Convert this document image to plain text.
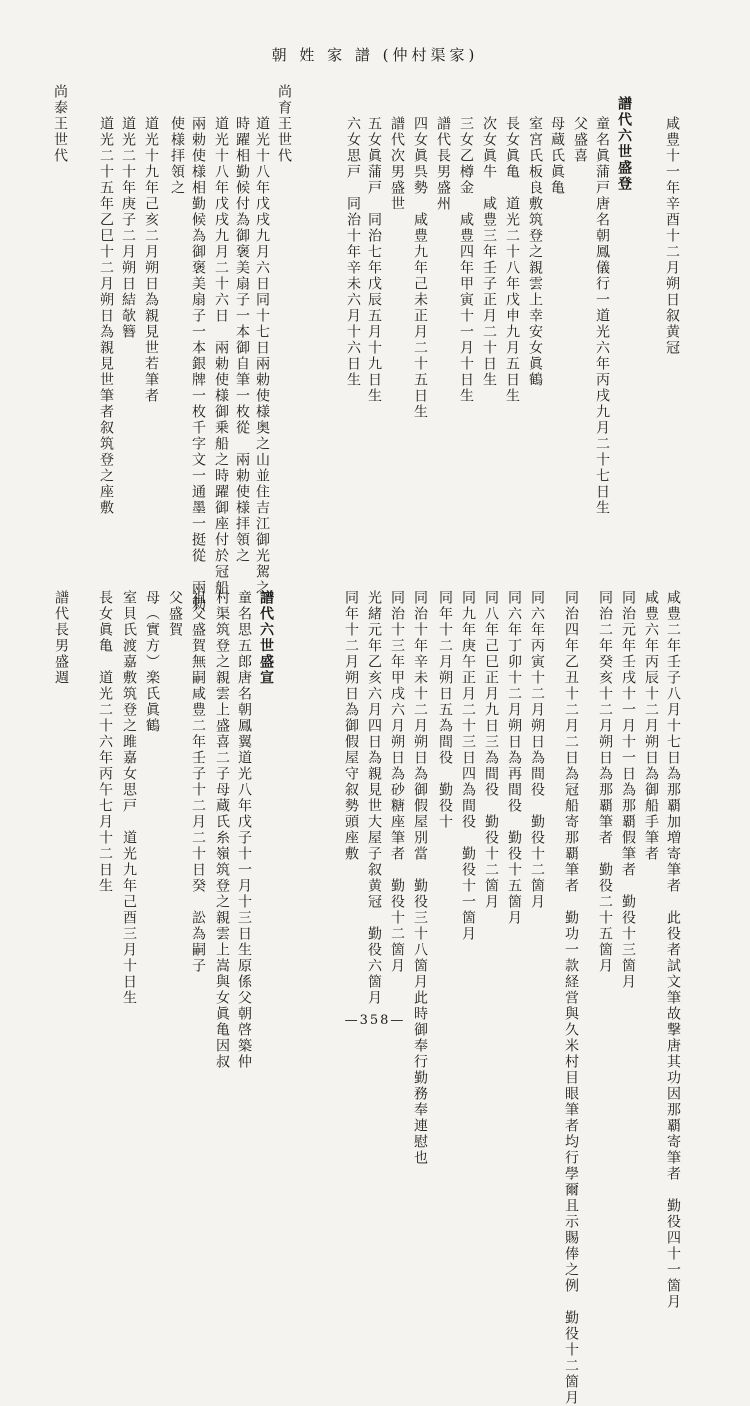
朝 姓 家 譜 (仲村渠家)
咸豊十一年辛酉十二月朔日叙黄冠
譜代六世盛登
童名眞蒲戸唐名朝鳳儀行一道光六年丙戌九月二十七日生
父盛喜
母蔵氏眞亀
室宮氏板良敷筑登之親雲上幸安女眞鶴
長女眞亀　道光二十八年戊申九月五日生
次女眞牛　咸豊三年壬子正月二十日生
三女乙樽金　咸豊四年甲寅十一月十日生
譜代長男盛州
四女眞呉勢　咸豊九年己未正月二十五日生
譜代次男盛世
五女眞蒲戸　同治七年戊辰五月十九日生
六女思戸　同治十年辛未六月十六日生
尚育王世代
道光十八年戊戌九月六日同十七日兩勅使様奥之山並住吉江御光駕之
時躍相勤候付為御褒美扇子一本御自筆一枚從　兩勅使様拝領之
道光十八年戊戌九月二十六日　兩勅使様御乗船之時躍御座付於冠船
兩勅使様相勤候為御褒美扇子一本銀牌一枚千字文一通墨一挺從　兩勅
使様拝領之
道光十九年己亥二月朔日為親見世若筆者
道光二十年庚子二月朔日結欹簪
道光二十五年乙巳十二月朔日為親見世筆者叙筑登之座敷
尚泰王世代
咸豊二年壬子八月十七日為那覇加増寄筆者　此役者試文筆故撃唐其功因那覇寄筆者　勤役四十一箇月
咸豊六年丙辰十二月朔日為御船手筆者
同治元年壬戌十一月十一日為那覇假筆者　勤役十三箇月
同治二年癸亥十二月朔日為那覇筆者　勤役二十五箇月
同治四年乙丑十二月二日為冠船寄那覇筆者　勤功一款経営與久米村目眼筆者均行學爾且示賜俸之例　勤役十二箇月
同六年丙寅十二月朔日為間役　勤役十二箇月
同六年丁卯十二月朔日為再間役　勤役十五箇月
同八年己巳正月九日三為間役　勤役十二箇月
同九年庚午正月二十三日四為間役　勤役十一箇月
同年十二月朔日五為間役　勤役十
同治十年辛未十二月朔日為御假屋別當　勤役三十八箇月此時御奉行勤務奉連慰也
同治十三年甲戌六月朔日為砂糖座筆者　勤役十二箇月
光緒元年乙亥六月四日為親見世大屋子叙黄冠　勤役六箇月
同年十二月朔日為御假屋守叙勢頭座敷
譜代六世盛宣
童名思五郎唐名朝鳳翼道光八年戊子十一月十三日生原係父朝啓築仲
村渠筑登之親雲上盛喜二子母蔵氏糸嶺筑登之親雲上嵩與女眞亀因叔
祖父盛賀無嗣咸豊二年壬子十二月二十日癸　訟為嗣子
父盛賀
母（實方）楽氏眞鶴
室貝氏渡嘉敷筑登之雎嘉女思戸　道光九年己酉三月十日生
長女眞亀　道光二十六年丙午七月十二日生
譜代長男盛週
—358—
